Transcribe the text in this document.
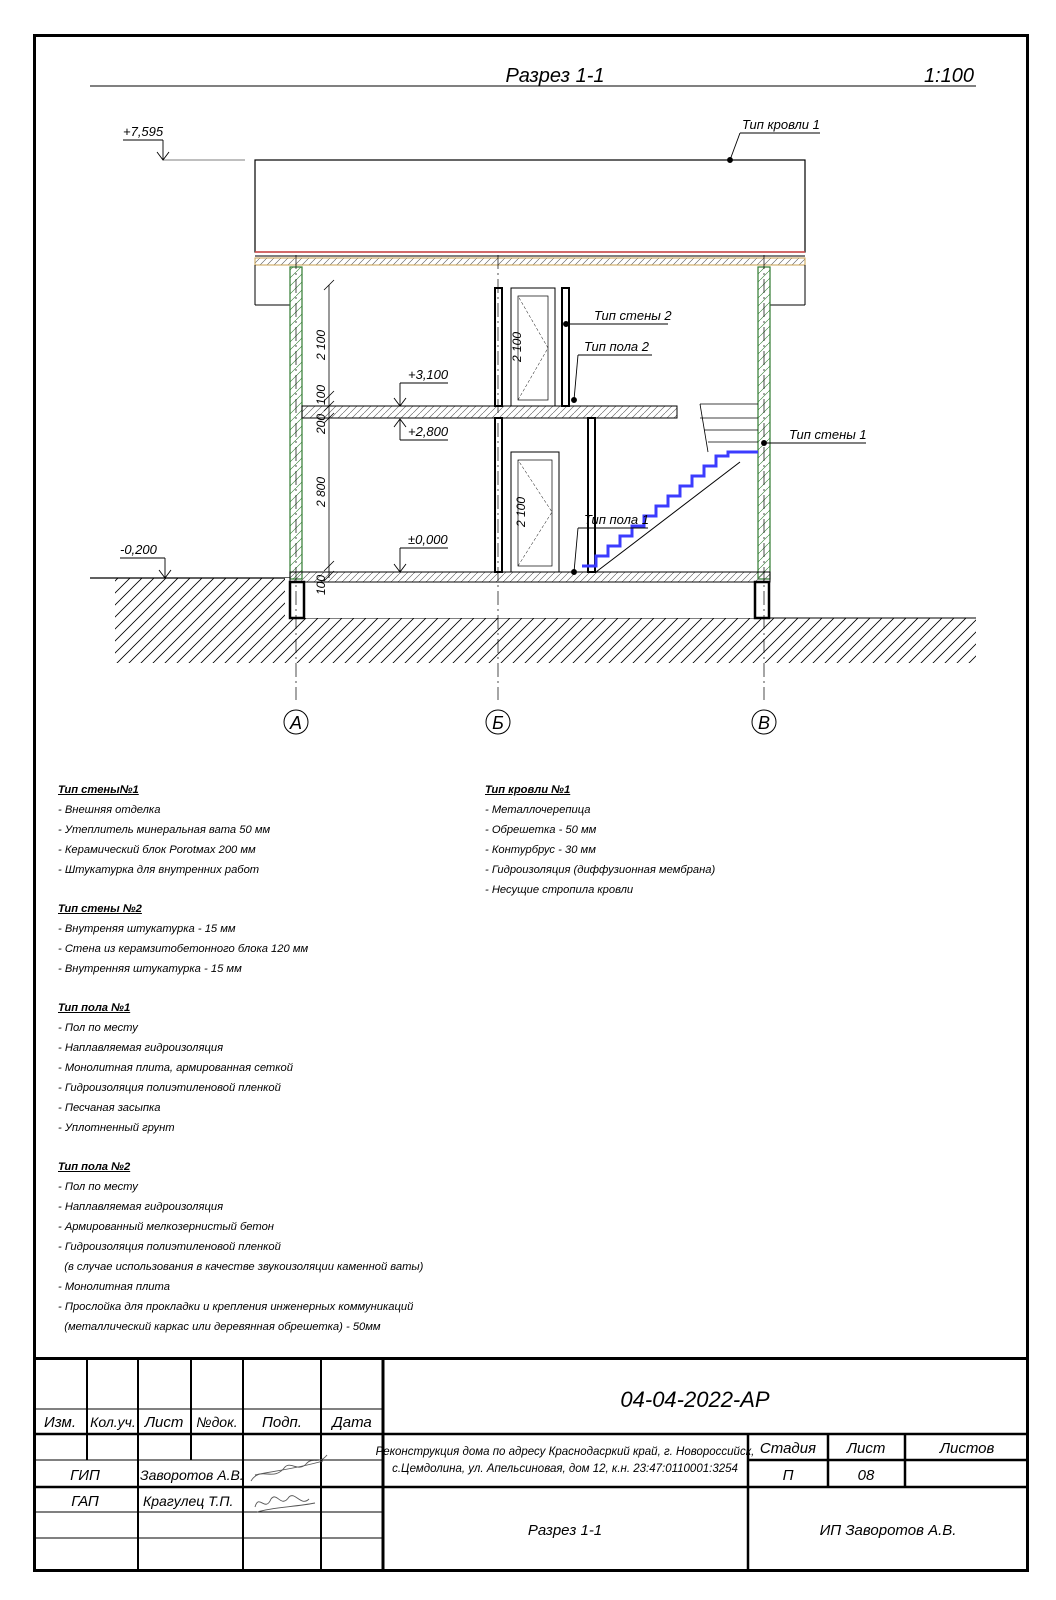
Разрез 1-1	1:100
А	Б	В
2 100
100
200
2 800
100
2 100
2 100
+7,595
+3,100
+2,800
±0,000
-0,200
Тип кровли 1
Тип стены 2
Тип пола 2
Тип стены 1
Тип пола 1
Тип стены№1
- Внешняя отделка
- Утеплитель минеральная вата 50 мм
- Керамический блок Porotмах 200 мм
- Штукатурка для внутренних работ
Тип стены №2
- Внутреняя штукатурка - 15 мм
- Стена из керамзитобетонного блока 120 мм
- Внутренняя штукатурка - 15 мм
Тип пола №1
- Пол по месту
- Наплавляемая гидроизоляция
- Монолитная плита, армированная сеткой
- Гидроизоляция полиэтиленовой пленкой
- Песчаная засыпка
- Уплотненный грунт
Тип пола №2
- Пол по месту
- Наплавляемая гидроизоляция
- Армированный мелкозернистый бетон
- Гидроизоляция полиэтиленовой пленкой
(в случае использования в качестве звукоизоляции каменной ваты)
- Монолитная плита
- Прослойка для прокладки и крепления инженерных коммуникаций
(металлический каркас или деревянная обрешетка) - 50мм
Тип кровли №1
- Металлочерепица
- Обрешетка - 50 мм
- Контурбрус - 30 мм
- Гидроизоляция (диффузионная мембрана)
- Несущие стропила кровли
04-04-2022-АР
Изм. Кол.уч. Лист №док. Подп. Дата
ГИП	Заворотов А.В.
ГАП	Крагулец Т.П.
Реконструкция дома по адресу Краснодасркий край, г. Новороссийск,
с.Цемдолина, ул. Апельсиновая, дом 12, к.н. 23:47:0110001:3254
Стадия Лист	Листов
П	08
Разрез 1-1	ИП Заворотов А.В.
